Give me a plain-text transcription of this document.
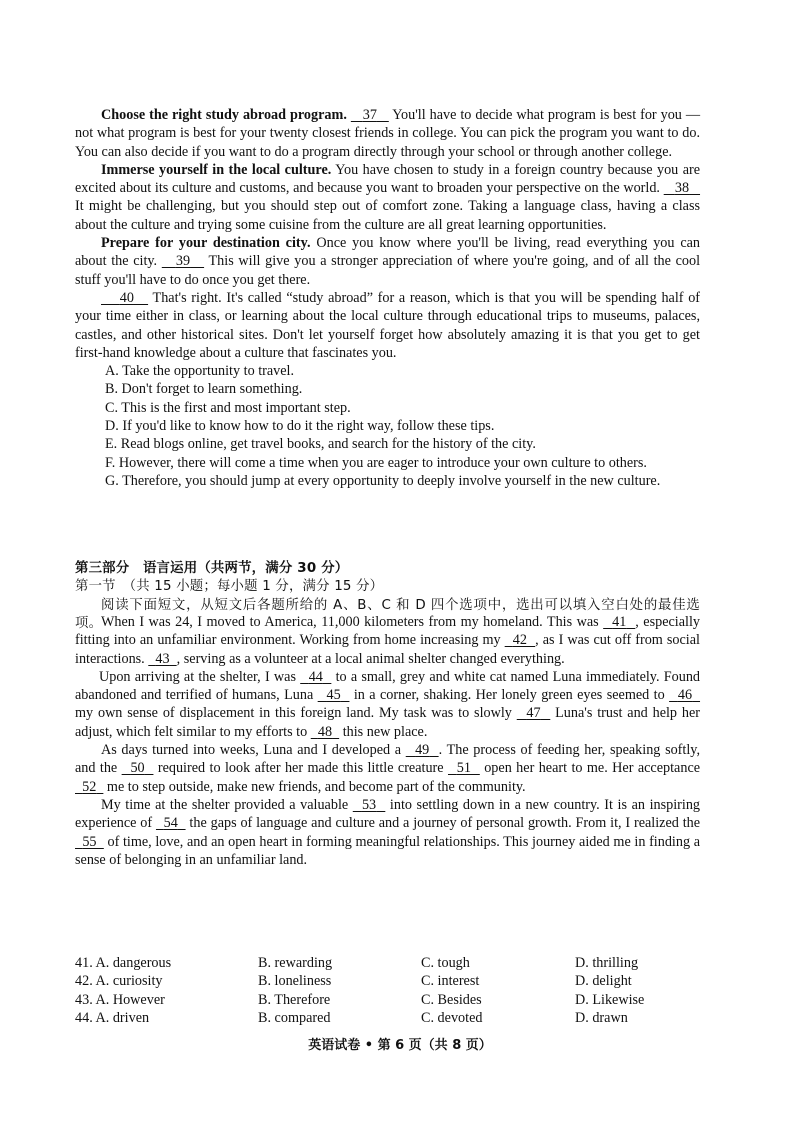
Choose the right study abroad program. 37 You'll have to decide what program is best for you — not what program is best for your twenty closest friends in college. You can pick the program you want to do. You can also decide if you want to do a program directly through your school or through another college.

Immerse yourself in the local culture. You have chosen to study in a foreign country because you are excited about its culture and customs, and because you want to broaden your perspective on the world. 38    It might be challenging, but you should step out of comfort zone. Taking a language class, having a class about the culture and trying some cuisine from the culture are all great learning opportunities.

Prepare for your destination city. Once you know where you'll be living, read everything you can about the city. 39 This will give you a stronger appreciation of where you're going, and of all the cool stuff you'll have to do once you get there.

40 That's right. It's called “study abroad” for a reason, which is that you will be spending half of your time either in class, or learning about the local culture through educational trips to museums, palaces, castles, and other historical sites. Don't let yourself forget how absolutely amazing it is that you get to get first-hand knowledge about a culture that fascinates you.

A. Take the opportunity to travel.
B. Don't forget to learn something.
C. This is the first and most important step.
D. If you'd like to know how to do it the right way, follow these tips.
E. Read blogs online, get travel books, and search for the history of the city.
F. However, there will come a time when you are eager to introduce your own culture to others.
G. Therefore, you should jump at every opportunity to deeply involve yourself in the new culture.

第三部分　语言运用（共两节，满分 30 分）

第一节　（共 15 小题；每小题 1 分，满分 15 分）

阅读下面短文，从短文后各题所给的 A、B、C 和 D 四个选项中，选出可以填入空白处的最佳选项。

When I was 24, I moved to America, 11,000 kilometers from my homeland. This was 41 , especially fitting into an unfamiliar environment. Working from home increasing my 42 , as I was cut off from social interactions. 43 , serving as a volunteer at a local animal shelter changed everything.

Upon arriving at the shelter, I was 44 to a small, grey and white cat named Luna immediately. Found abandoned and terrified of humans, Luna 45 in a corner, shaking. Her lonely green eyes seemed to 46   my own sense of displacement in this foreign land. My task was to slowly 47 Luna's trust and help her adjust, which felt similar to my efforts to 48 this new place.

As days turned into weeks, Luna and I developed a 49 . The process of feeding her, speaking softly, and the 50 required to look after her made this little creature 51 open her heart to me. Her acceptance   52 me to step outside, make new friends, and become part of the community.

My time at the shelter provided a valuable 53 into settling down in a new country. It is an inspiring experience of 54 the gaps of language and culture and a journey of personal growth. From it, I realized the   55 of time, love, and an open heart in forming meaningful relationships. This journey aided me in finding a sense of belonging in an unfamiliar land.

41. A. dangerous	B. rewarding	C. tough	D. thrilling
42. A. curiosity	B. loneliness	C. interest	D. delight
43. A. However	B. Therefore	C. Besides	D. Likewise
44. A. driven	B. compared	C. devoted	D. drawn
英语试卷 • 第 6 页（共 8 页）
